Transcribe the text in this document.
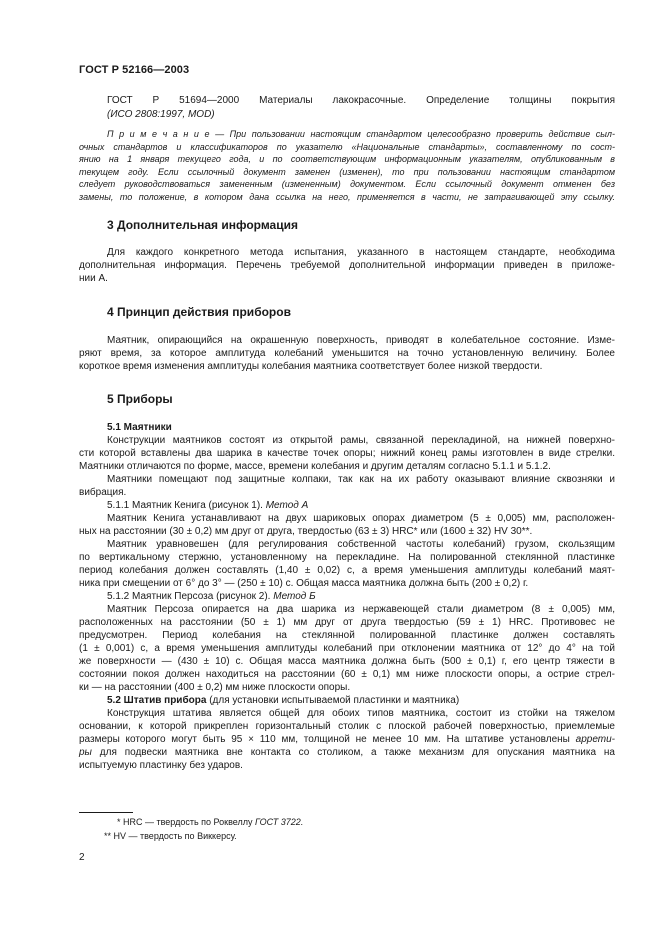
ГОСТ Р 52166—2003

ГОСТ Р 51694—2000 Материалы лакокрасочные. Определение толщины покрытия

(ИСО 2808:1997, MOD)

П р и м е ч а н и е — При пользовании настоящим стандартом целесообразно проверить действие сыл-

очных стандартов и классификаторов по указателю «Национальные стандарты», составленному по сост-

янию на 1 января текущего года, и по соответствующим информационным указателям, опубликованным в

текущем году. Если ссылочный документ заменен (изменен), то при пользовании настоящим стандартом

следует руководствоваться замененным (измененным) документом. Если ссылочный документ отменен без

замены, то положение, в котором дана ссылка на него, применяется в части, не затрагивающей эту ссылку.

3 Дополнительная информация

Для каждого конкретного метода испытания, указанного в настоящем стандарте, необходима

дополнительная информация. Перечень требуемой дополнительной информации приведен в приложе-

нии А.

4 Принцип действия приборов

Маятник, опирающийся на окрашенную поверхность, приводят в колебательное состояние. Изме-

ряют время, за которое амплитуда колебаний уменьшится на точно установленную величину. Более

короткое время изменения амплитуды колебания маятника соответствует более низкой твердости.

5 Приборы

5.1 Маятники

Конструкции маятников состоят из открытой рамы, связанной перекладиной, на нижней поверхно-

сти которой вставлены два шарика в качестве точек опоры; нижний конец рамы изготовлен в виде стрелки.

Маятники отличаются по форме, массе, времени колебания и другим деталям согласно 5.1.1 и 5.1.2.

Маятники помещают под защитные колпаки, так как на их работу оказывают влияние сквозняки и

вибрация.

5.1.1 Маятник Кенига (рисунок 1). Метод А

Маятник Кенига устанавливают на двух шариковых опорах диаметром (5 ± 0,005) мм, расположен-

ных на расстоянии (30 ± 0,2) мм друг от друга, твердостью (63 ± 3) HRC* или (1600 ± 32) HV 30**.

Маятник уравновешен (для регулирования собственной частоты колебаний) грузом, скользящим

по вертикальному стержню, установленному на перекладине. На полированной стеклянной пластинке

период колебания должен составлять (1,40 ± 0,02) с, а время уменьшения амплитуды колебаний маят-

ника при смещении от 6° до 3° — (250 ± 10) с. Общая масса маятника должна быть (200 ± 0,2) г.

5.1.2 Маятник Персоза (рисунок 2). Метод Б

Маятник Персоза опирается на два шарика из нержавеющей стали диаметром (8 ± 0,005) мм,

расположенных на расстоянии (50 ± 1) мм друг от друга твердостью (59 ± 1) HRC. Противовес не

предусмотрен. Период колебания на стеклянной полированной пластинке должен составлять

(1 ± 0,001) с, а время уменьшения амплитуды колебаний при отклонении маятника от 12° до 4° на той

же поверхности — (430 ± 10) с. Общая масса маятника должна быть (500 ± 0,1) г, его центр тяжести в

состоянии покоя должен находиться на расстоянии (60 ± 0,1) мм ниже плоскости опоры, а острие стрел-

ки — на расстоянии (400 ± 0,2) мм ниже плоскости опоры.

5.2 Штатив прибора (для установки испытываемой пластинки и маятника)

Конструкция штатива является общей для обоих типов маятника, состоит из стойки на тяжелом

основании, к которой прикреплен горизонтальный столик с плоской рабочей поверхностью, приемлемые

размеры которого могут быть 95 × 110 мм, толщиной не менее 10 мм. На штативе установлены аррети-

ры для подвески маятника вне контакта со столиком, а также механизм для опускания маятника на

испытуемую пластинку без ударов.

* HRC — твердость по Роквеллу ГОСТ 3722.
** HV — твердость по Виккерсу.
2
